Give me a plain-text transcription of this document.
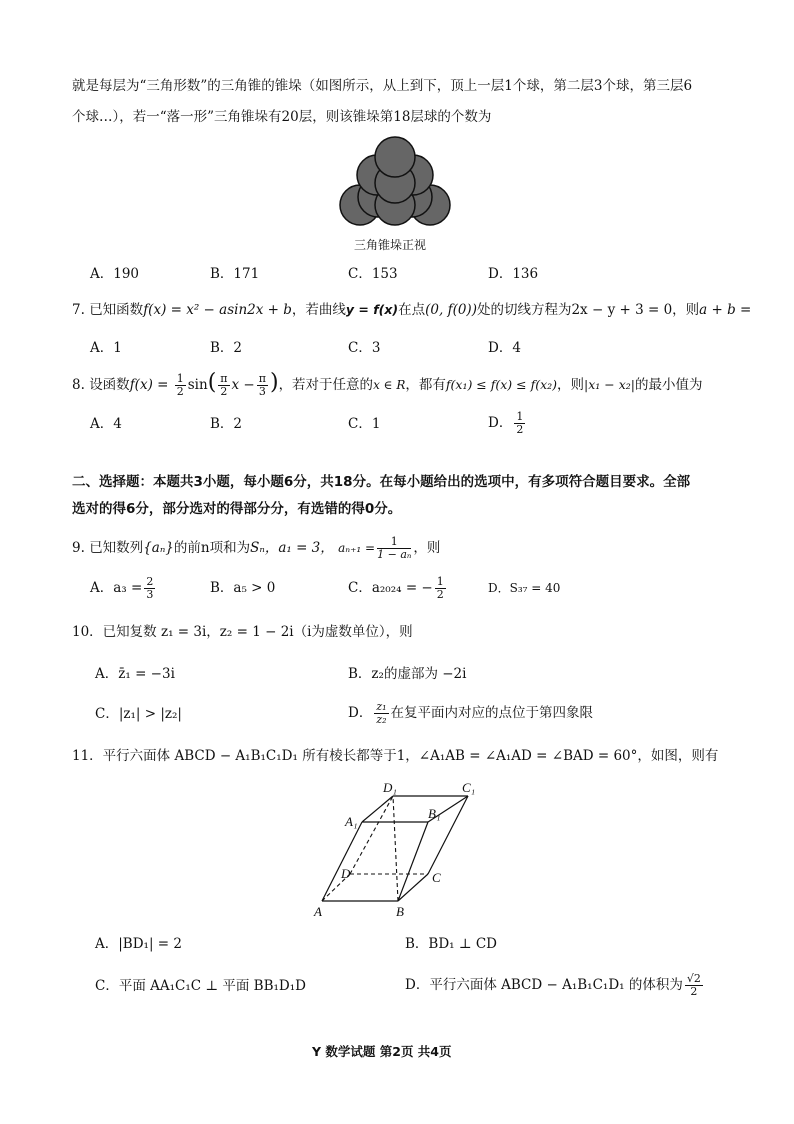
就是每层为“三角形数”的三角锥的锥垛（如图所示，从上到下，顶上一层1个球，第二层3个球，第三层6
个球…），若一“落一形”三角锥垛有20层，则该锥垛第18层球的个数为
三角锥垛正视
A．190	B．171	C．153	D．136
7. 已知函数f(x) = x² − asin2x + b，若曲线y = f(x)在点(0, f(0))处的切线方程为2x − y + 3 = 0，则a + b =
A．1	B．2	C．3	D．4
8. 设函数$f(x) = \frac{1}{2} \sin( \frac{\pi}{2}$ $x - \frac{\pi}{3}$ )，若对于任意的x ∈ R，都有f(x₁) ≤ f(x) ≤ f(x₂)，则|x₁ − x₂|的最小值为
A．4	B．2	C．1	D． $\frac{1}{2}$
二、选择题：本题共3小题，每小题6分，共18分。在每小题给出的选项中，有多项符合题目要求。全部
选对的得6分，部分选对的得部分分，有选错的得0分。
9. 已知数列{aₙ}的前n项和为Sₙ，a₁ = 3， $a_{n+1} = \frac{1}{\text{1 − aₙ}}$ ，则
A．$a_3 = \frac{2}{3}$	B．a₅ > 0	C．a₂₀₂₄ = − $\frac{1}{2}$	D．S₃₇ = 40
10．已知复数 z₁ = 3i，z₂ = 1 − 2i（i为虚数单位），则
A．z̄₁ = −3i	B．z₂的虚部为 −2i
C．|z₁| > |z₂|	D． $\frac{\text{z₁}}{\text{z₂}}$ 在复平面内对应的点位于第四象限
11．平行六面体 ABCD − A₁B₁C₁D₁ 所有棱长都等于1，∠A₁AB = ∠A₁AD = ∠BAD = 60°，如图，则有
D₁	C₁
A₁
B₁
D	C
A	B
A．|BD₁| = 2	B．BD₁ ⊥ CD
C．平面 AA₁C₁C ⊥ 平面 BB₁D₁D	D．平行六面体 ABCD − A₁B₁C₁D₁ 的体积为 $\frac{√2}{2}$
Y 数学试题 第2页 共4页
